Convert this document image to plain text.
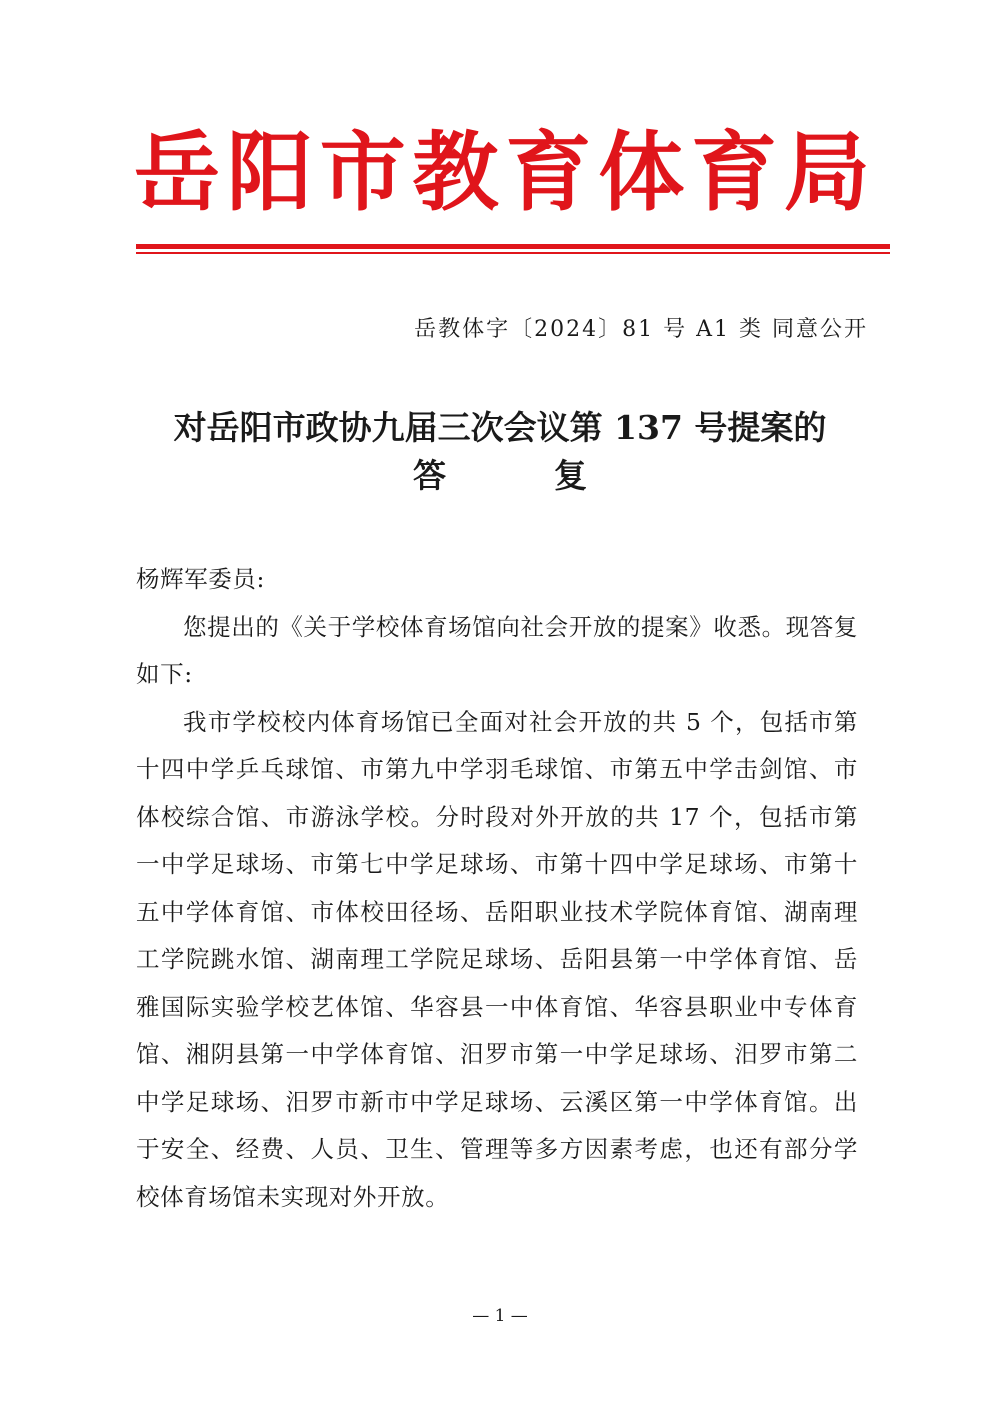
岳 阳 市 教 育 体 育 局
岳教体字〔2024〕81 号 A1 类 同意公开
对岳阳市政协九届三次会议第 137 号提案的
答复

杨辉军委员:

您提出的《关于学校体育场馆向社会开放的提案》收悉。现答复如下:

我市学校校内体育场馆已全面对社会开放的共 5 个，包括市第十四中学乒乓球馆、市第九中学羽毛球馆、市第五中学击剑馆、市体校综合馆、市游泳学校。分时段对外开放的共 17 个，包括市第一中学足球场、市第七中学足球场、市第十四中学足球场、市第十五中学体育馆、市体校田径场、岳阳职业技术学院体育馆、湖南理工学院跳水馆、湖南理工学院足球场、岳阳县第一中学体育馆、岳雅国际实验学校艺体馆、华容县一中体育馆、华容县职业中专体育馆、湘阴县第一中学体育馆、汨罗市第一中学足球场、汨罗市第二中学足球场、汨罗市新市中学足球场、云溪区第一中学体育馆。出于安全、经费、人员、卫生、管理等多方因素考虑，也还有部分学校体育场馆未实现对外开放。

— 1 —
